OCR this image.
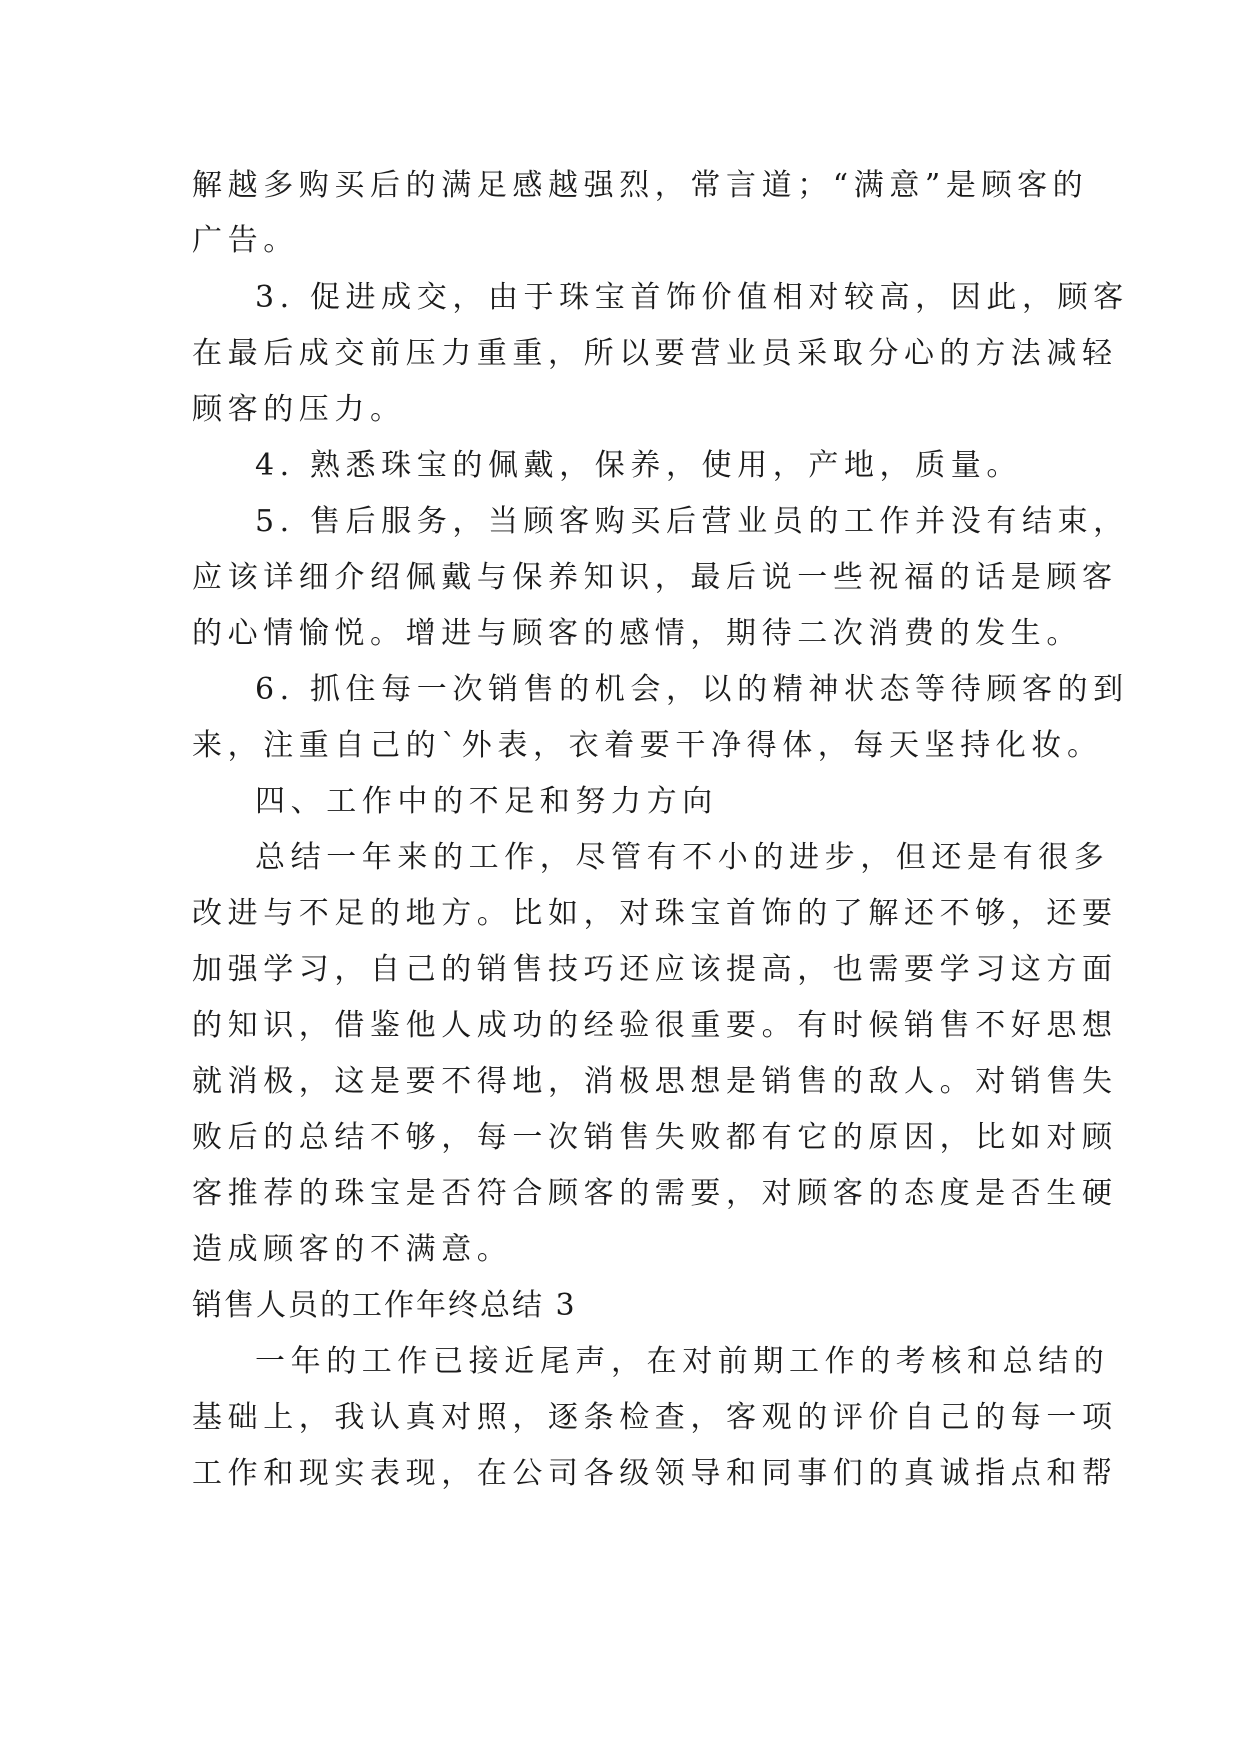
解越多购买后的满足感越强烈，常言道；“满意”是顾客的
广告。
3. 促进成交，由于珠宝首饰价值相对较高，因此，顾客
在最后成交前压力重重，所以要营业员采取分心的方法减轻
顾客的压力。
4. 熟悉珠宝的佩戴，保养，使用，产地，质量。
5. 售后服务，当顾客购买后营业员的工作并没有结束，
应该详细介绍佩戴与保养知识，最后说一些祝福的话是顾客
的心情愉悦。增进与顾客的感情，期待二次消费的发生。
6. 抓住每一次销售的机会，以的精神状态等待顾客的到
来，注重自己的`外表，衣着要干净得体，每天坚持化妆。
四、工作中的不足和努力方向
总结一年来的工作，尽管有不小的进步，但还是有很多
改进与不足的地方。比如，对珠宝首饰的了解还不够，还要
加强学习，自己的销售技巧还应该提高，也需要学习这方面
的知识，借鉴他人成功的经验很重要。有时候销售不好思想
就消极，这是要不得地，消极思想是销售的敌人。对销售失
败后的总结不够，每一次销售失败都有它的原因，比如对顾
客推荐的珠宝是否符合顾客的需要，对顾客的态度是否生硬
造成顾客的不满意。
销售人员的工作年终总结 3
一年的工作已接近尾声，在对前期工作的考核和总结的
基础上，我认真对照，逐条检查，客观的评价自己的每一项
工作和现实表现，在公司各级领导和同事们的真诚指点和帮
